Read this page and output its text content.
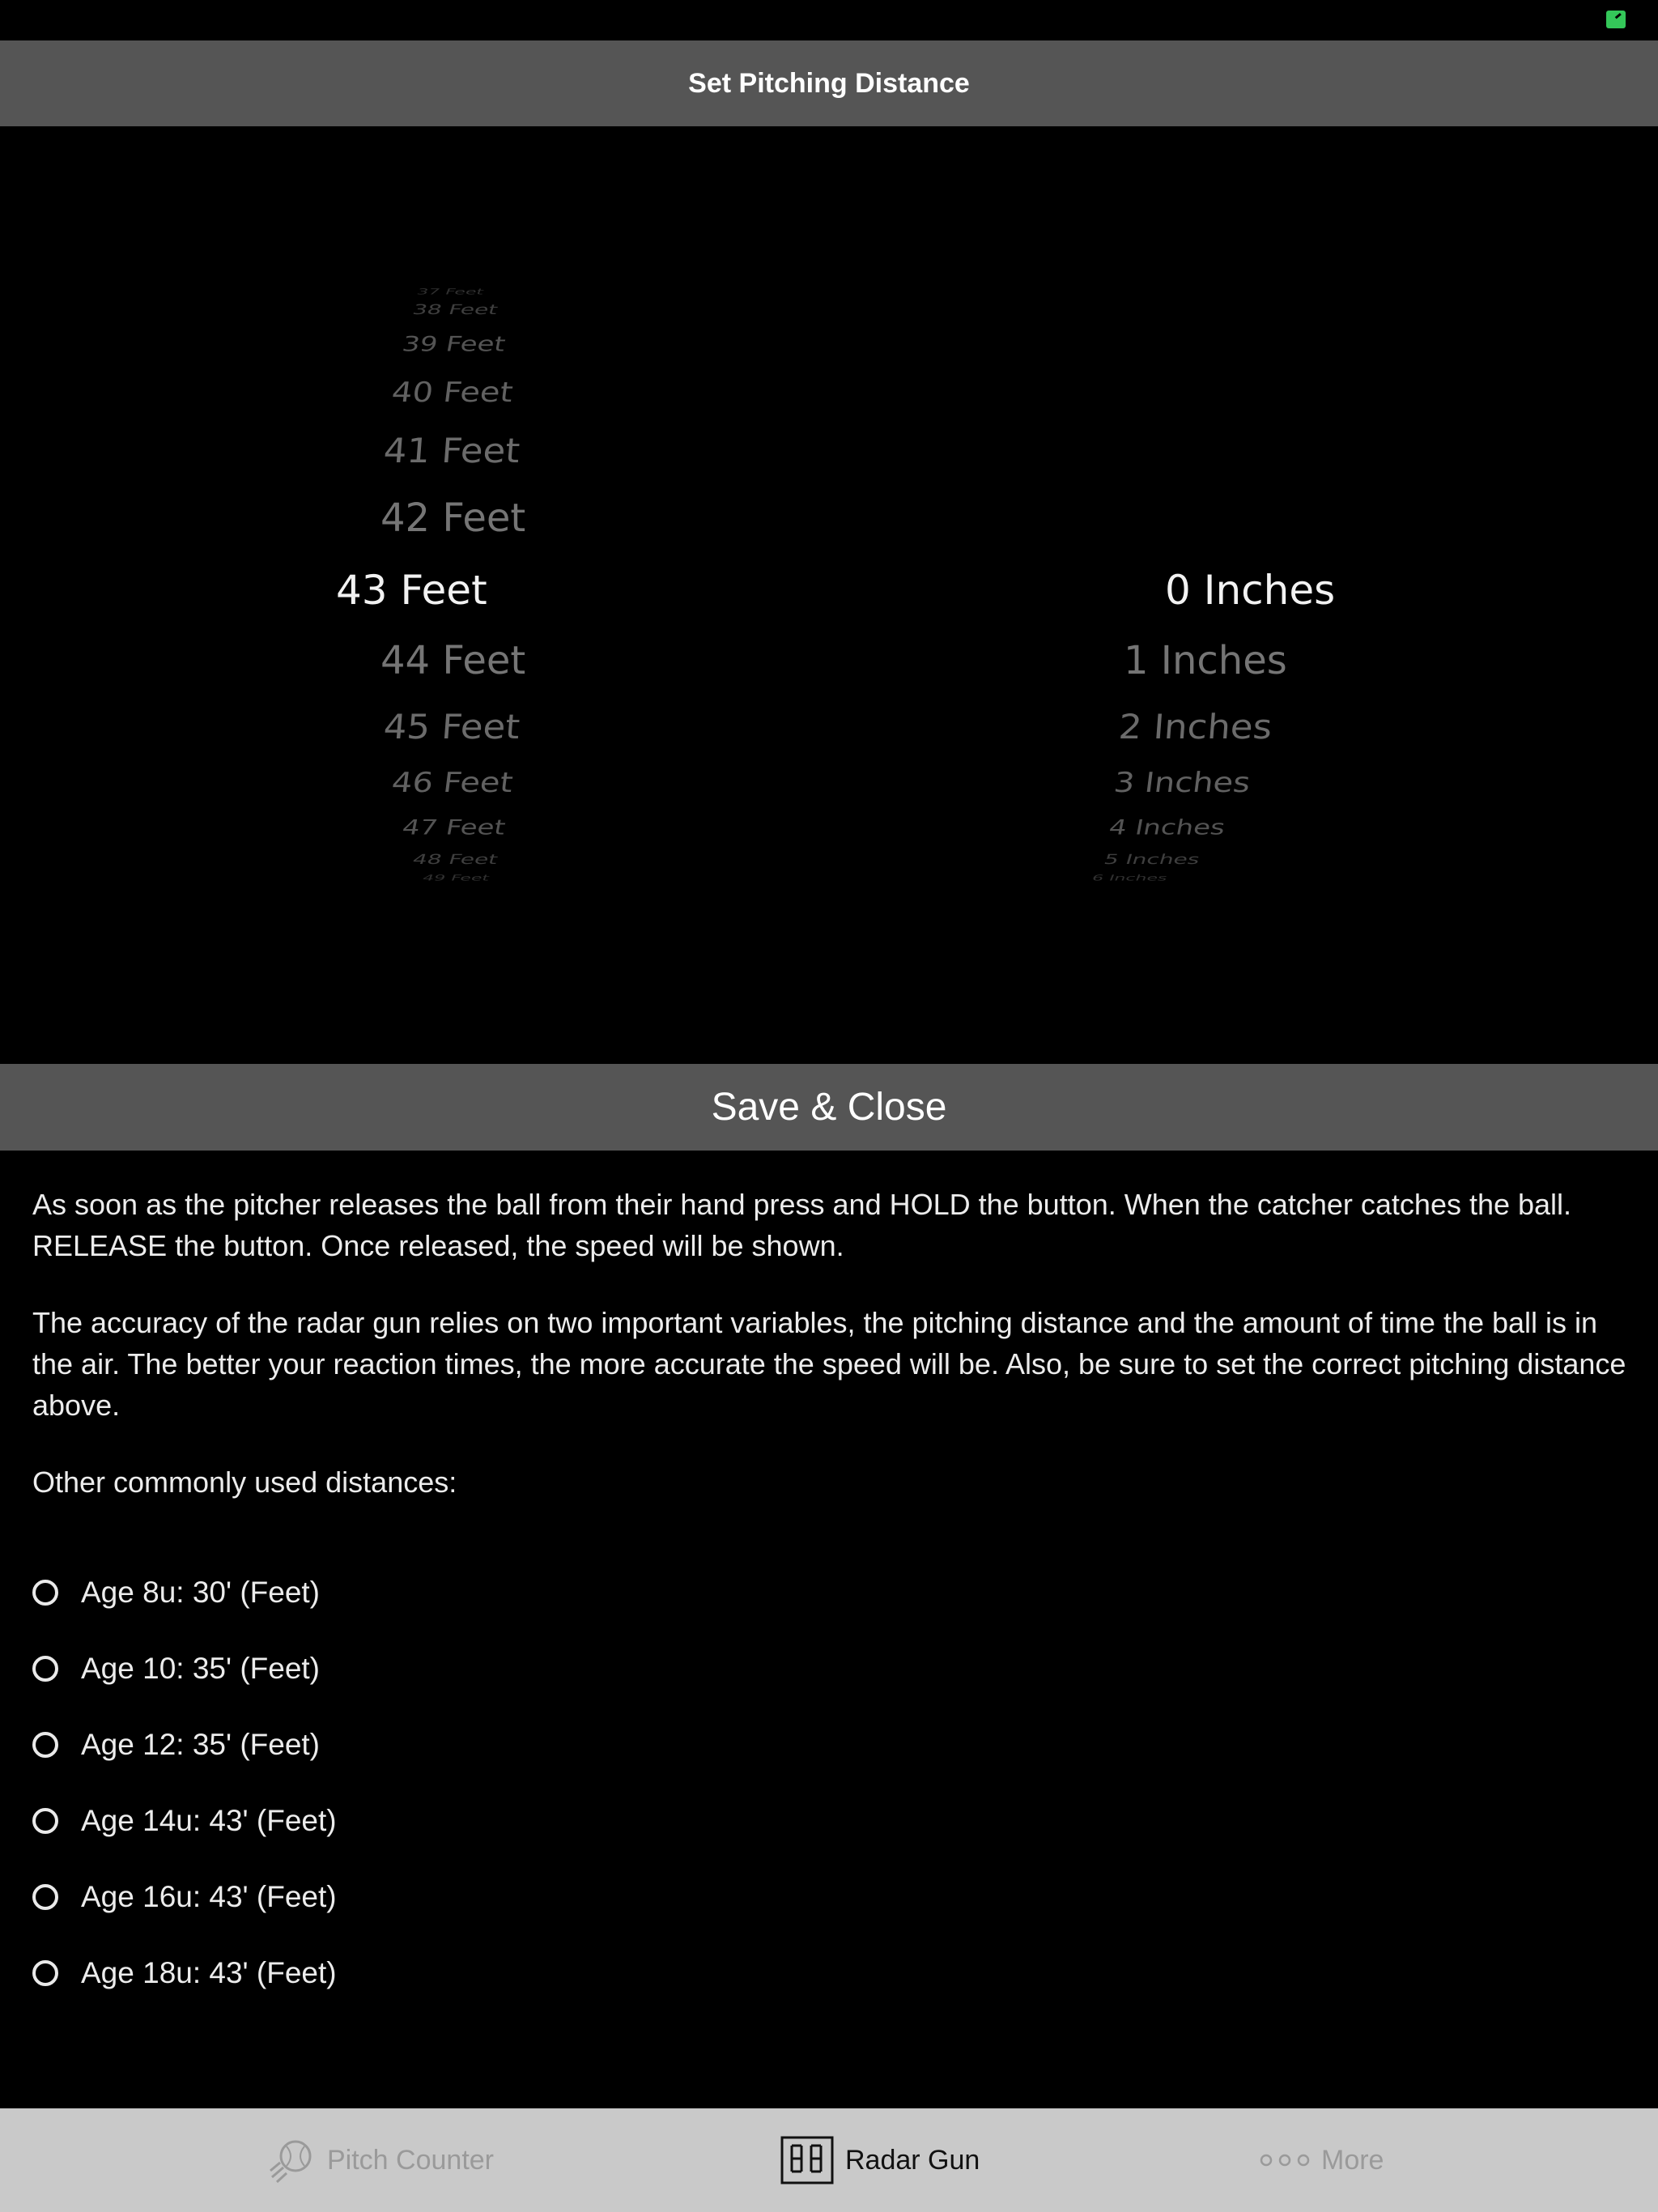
Set Pitching Distance
37 Feet
38 Feet
39 Feet
40 Feet
41 Feet
42 Feet
43 Feet
44 Feet
45 Feet
46 Feet
47 Feet
48 Feet
49 Feet
0 Inches
1 Inches
2 Inches
3 Inches
4 Inches
5 Inches
6 Inches
Save & Close

As soon as the pitcher releases the ball from their hand press and HOLD the button. When the catcher catches the ball. RELEASE the button. Once released, the speed will be shown.

The accuracy of the radar gun relies on two important variables, the pitching distance and the amount of time the ball is in the air. The better your reaction times, the more accurate the speed will be. Also, be sure to set the correct pitching distance above.

Other commonly used distances:

Age 8u: 30' (Feet)
Age 10: 35' (Feet)
Age 12: 35' (Feet)
Age 14u: 43' (Feet)
Age 16u: 43' (Feet)
Age 18u: 43' (Feet)
Pitch Counter	Radar Gun	More
